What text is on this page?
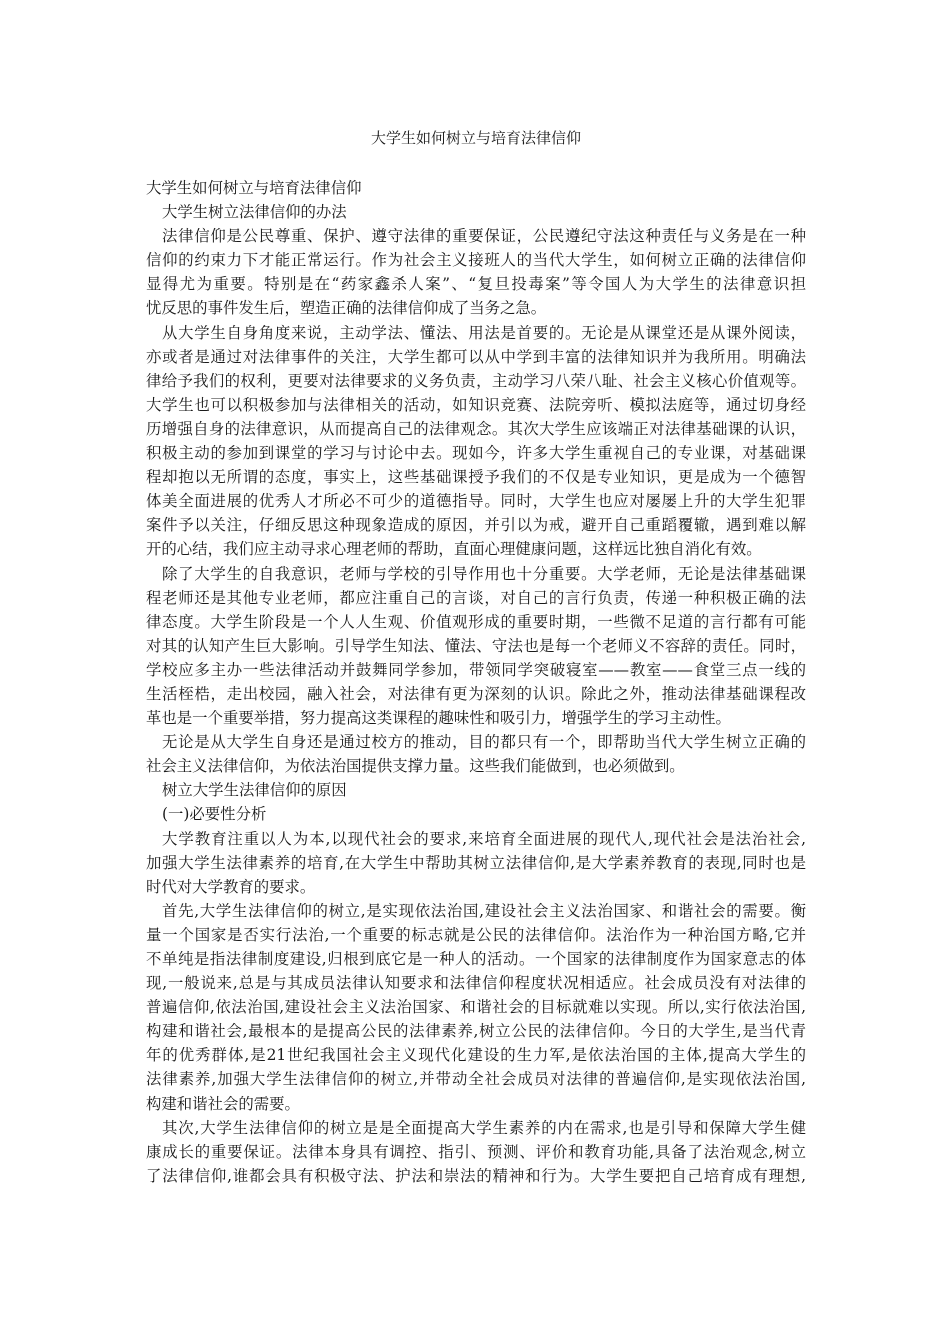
大学生如何树立与培育法律信仰
大学生如何树立与培育法律信仰
大学生树立法律信仰的办法
法律信仰是公民尊重、保护、遵守法律的重要保证，公民遵纪守法这种责任与义务是在一种
信仰的约束力下才能正常运行。作为社会主义接班人的当代大学生，如何树立正确的法律信仰
显得尤为重要。特别是在“药家鑫杀人案”、“复旦投毒案”等令国人为大学生的法律意识担
忧反思的事件发生后，塑造正确的法律信仰成了当务之急。
从大学生自身角度来说，主动学法、懂法、用法是首要的。无论是从课堂还是从课外阅读，
亦或者是通过对法律事件的关注，大学生都可以从中学到丰富的法律知识并为我所用。明确法
律给予我们的权利，更要对法律要求的义务负责，主动学习八荣八耻、社会主义核心价值观等。
大学生也可以积极参加与法律相关的活动，如知识竞赛、法院旁听、模拟法庭等，通过切身经
历增强自身的法律意识，从而提高自己的法律观念。其次大学生应该端正对法律基础课的认识，
积极主动的参加到课堂的学习与讨论中去。现如今，许多大学生重视自己的专业课，对基础课
程却抱以无所谓的态度，事实上，这些基础课授予我们的不仅是专业知识，更是成为一个德智
体美全面进展的优秀人才所必不可少的道德指导。同时，大学生也应对屡屡上升的大学生犯罪
案件予以关注，仔细反思这种现象造成的原因，并引以为戒，避开自己重蹈覆辙，遇到难以解
开的心结，我们应主动寻求心理老师的帮助，直面心理健康问题，这样远比独自消化有效。
除了大学生的自我意识，老师与学校的引导作用也十分重要。大学老师，无论是法律基础课
程老师还是其他专业老师，都应注重自己的言谈，对自己的言行负责，传递一种积极正确的法
律态度。大学生阶段是一个人人生观、价值观形成的重要时期，一些微不足道的言行都有可能
对其的认知产生巨大影响。引导学生知法、懂法、守法也是每一个老师义不容辞的责任。同时，
学校应多主办一些法律活动并鼓舞同学参加，带领同学突破寝室——教室——食堂三点一线的
生活桎梏，走出校园，融入社会，对法律有更为深刻的认识。除此之外，推动法律基础课程改
革也是一个重要举措，努力提高这类课程的趣味性和吸引力，增强学生的学习主动性。
无论是从大学生自身还是通过校方的推动，目的都只有一个，即帮助当代大学生树立正确的
社会主义法律信仰，为依法治国提供支撑力量。这些我们能做到，也必须做到。
树立大学生法律信仰的原因
(一)必要性分析
大学教育注重以人为本,以现代社会的要求,来培育全面进展的现代人,现代社会是法治社会,
加强大学生法律素养的培育,在大学生中帮助其树立法律信仰,是大学素养教育的表现,同时也是
时代对大学教育的要求。
首先,大学生法律信仰的树立,是实现依法治国,建设社会主义法治国家、和谐社会的需要。衡
量一个国家是否实行法治,一个重要的标志就是公民的法律信仰。法治作为一种治国方略,它并
不单纯是指法律制度建设,归根到底它是一种人的活动。一个国家的法律制度作为国家意志的体
现,一般说来,总是与其成员法律认知要求和法律信仰程度状况相适应。社会成员没有对法律的
普遍信仰,依法治国,建设社会主义法治国家、和谐社会的目标就难以实现。所以,实行依法治国,
构建和谐社会,最根本的是提高公民的法律素养,树立公民的法律信仰。今日的大学生,是当代青
年的优秀群体,是21世纪我国社会主义现代化建设的生力军,是依法治国的主体,提高大学生的
法律素养,加强大学生法律信仰的树立,并带动全社会成员对法律的普遍信仰,是实现依法治国,
构建和谐社会的需要。
其次,大学生法律信仰的树立是是全面提高大学生素养的内在需求,也是引导和保障大学生健
康成长的重要保证。法律本身具有调控、指引、预测、评价和教育功能,具备了法治观念,树立
了法律信仰,谁都会具有积极守法、护法和崇法的精神和行为。大学生要把自己培育成有理想,
